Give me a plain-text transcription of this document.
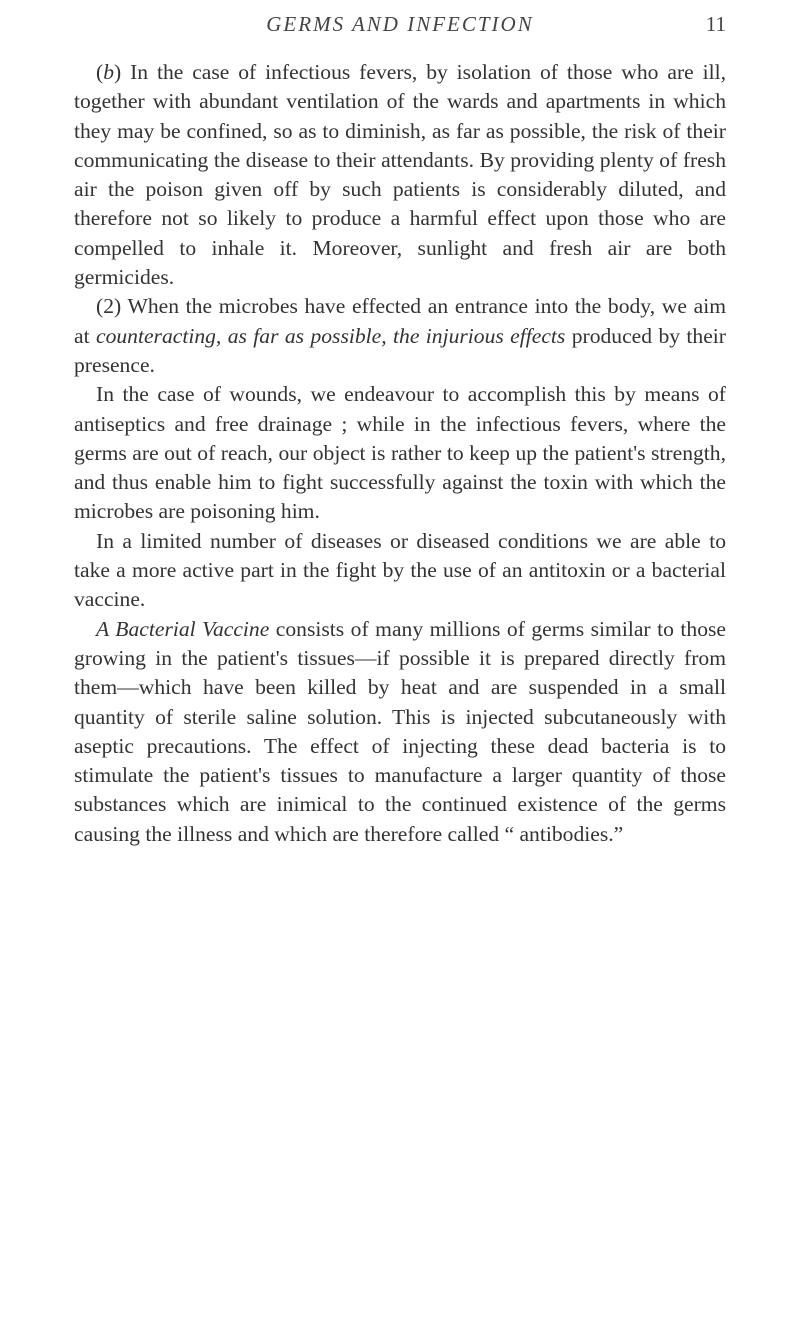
GERMS AND INFECTION	11

(b) In the case of infectious fevers, by isolation of those who are ill, together with abundant ventilation of the wards and apartments in which they may be confined, so as to diminish, as far as possible, the risk of their communicating the disease to their attendants. By providing plenty of fresh air the poison given off by such patients is considerably diluted, and therefore not so likely to produce a harmful effect upon those who are compelled to inhale it. Moreover, sunlight and fresh air are both germicides.

(2) When the microbes have effected an entrance into the body, we aim at counteracting, as far as possible, the injurious effects produced by their presence.

In the case of wounds, we endeavour to accomplish this by means of antiseptics and free drainage ; while in the infectious fevers, where the germs are out of reach, our object is rather to keep up the patient's strength, and thus enable him to fight successfully against the toxin with which the microbes are poisoning him.

In a limited number of diseases or diseased conditions we are able to take a more active part in the fight by the use of an antitoxin or a bacterial vaccine.

A Bacterial Vaccine consists of many millions of germs similar to those growing in the patient's tissues—if possible it is prepared directly from them—which have been killed by heat and are suspended in a small quantity of sterile saline solution. This is injected subcutaneously with aseptic precautions. The effect of injecting these dead bacteria is to stimulate the patient's tissues to manufacture a larger quantity of those substances which are inimical to the continued existence of the germs causing the illness and which are therefore called “ antibodies.”
